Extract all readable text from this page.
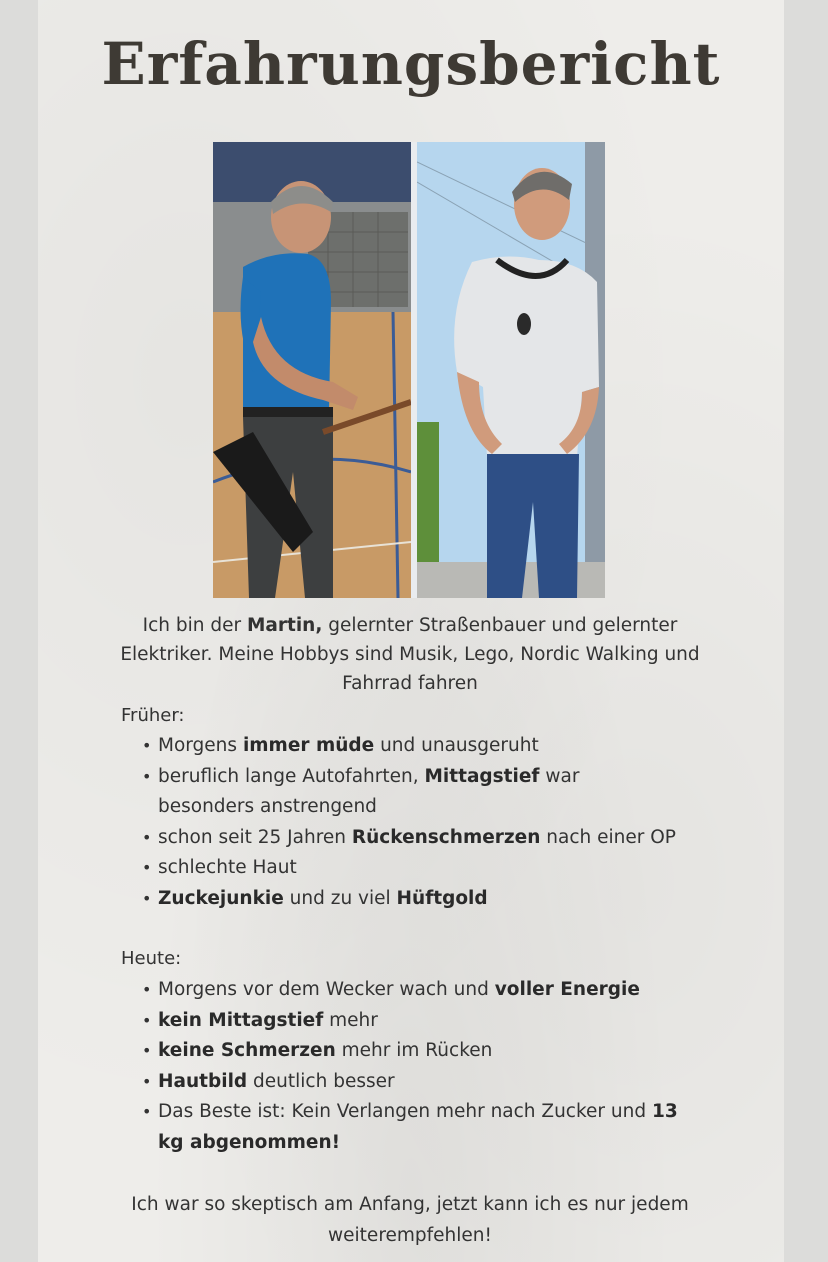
Erfahrungsbericht
Ich bin der Martin, gelernter Straßenbauer und gelernter Elektriker. Meine Hobbys sind Musik, Lego, Nordic Walking und Fahrrad fahren
Früher:
• Morgens immer müde und unausgeruht
• beruflich lange Autofahrten, Mittagstief war besonders anstrengend
• schon seit 25 Jahren Rückenschmerzen nach einer OP
• schlechte Haut
• Zuckejunkie und zu viel Hüftgold
Heute:
• Morgens vor dem Wecker wach und voller Energie
• kein Mittagstief mehr
• keine Schmerzen mehr im Rücken
• Hautbild deutlich besser
• Das Beste ist: Kein Verlangen mehr nach Zucker und 13 kg abgenommen!
Ich war so skeptisch am Anfang, jetzt kann ich es nur jedem weiterempfehlen!
